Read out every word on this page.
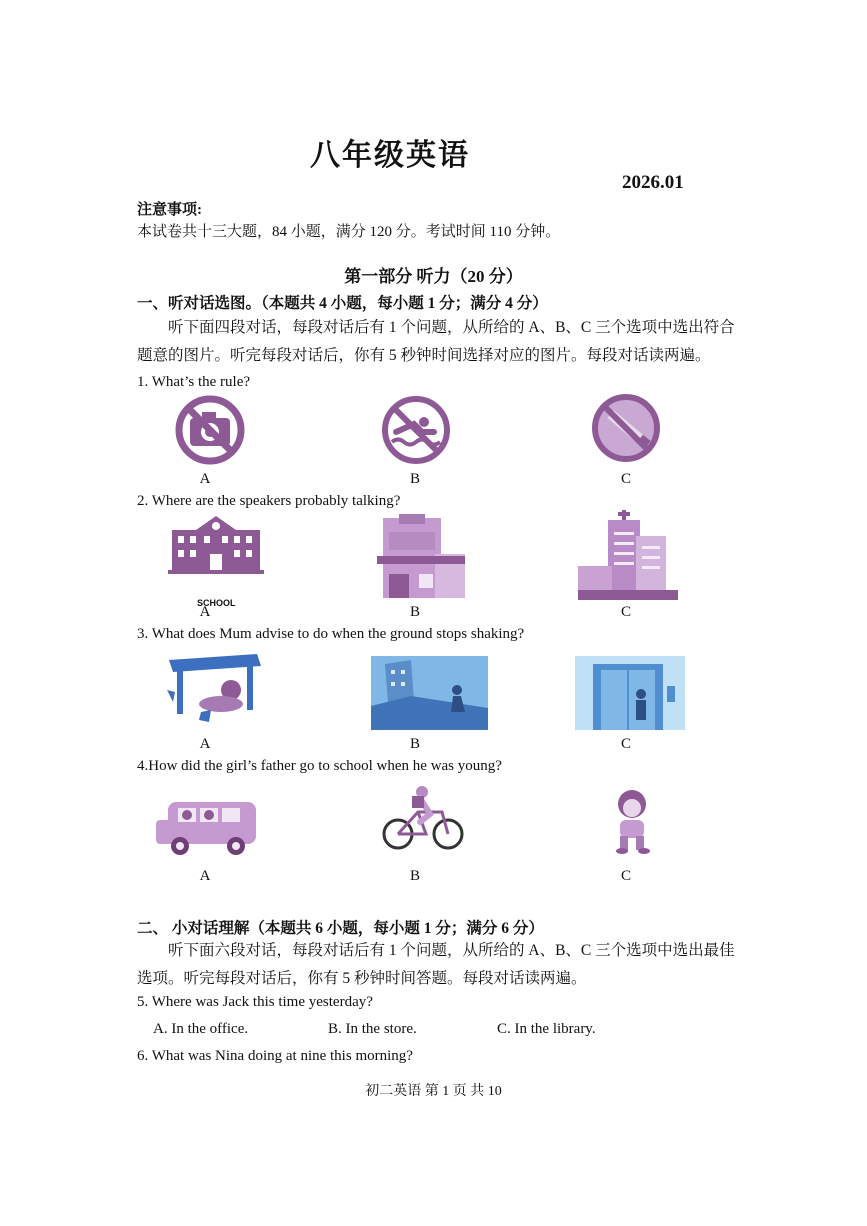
八年级英语
2026.01
注意事项:
本试卷共十三大题，84 小题，满分 120 分。考试时间 110 分钟。
第一部分 听力（20 分）
一、听对话选图。（本题共 4 小题，每小题 1 分；满分 4 分）
听下面四段对话，每段对话后有 1 个问题，从所给的 A、B、C 三个选项中选出符合题意的图片。听完每段对话后，你有 5 秒钟时间选择对应的图片。每段对话读两遍。
1. What’s the rule?
A	B	C
2. Where are the speakers probably talking?
SCHOOL
A	B	C
3. What does Mum advise to do when the ground stops shaking?
A	B	C
4.How did the girl’s father go to school when he was young?
A	B	C
二、 小对话理解（本题共 6 小题，每小题 1 分；满分 6 分）
听下面六段对话，每段对话后有 1 个问题，从所给的 A、B、C 三个选项中选出最佳选项。听完每段对话后，你有 5 秒钟时间答题。每段对话读两遍。
5. Where was Jack this time yesterday?
A. In the office.	B. In the store.	C. In the library.
6. What was Nina doing at nine this morning?
初二英语 第 1 页 共 10
